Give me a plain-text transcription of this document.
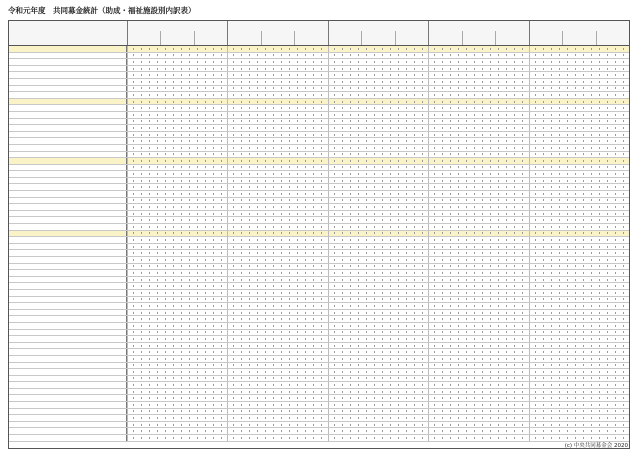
令和元年度　共同募金統計（助成・福祉施設別内訳表）
(c) 中央共同募金会 2020
